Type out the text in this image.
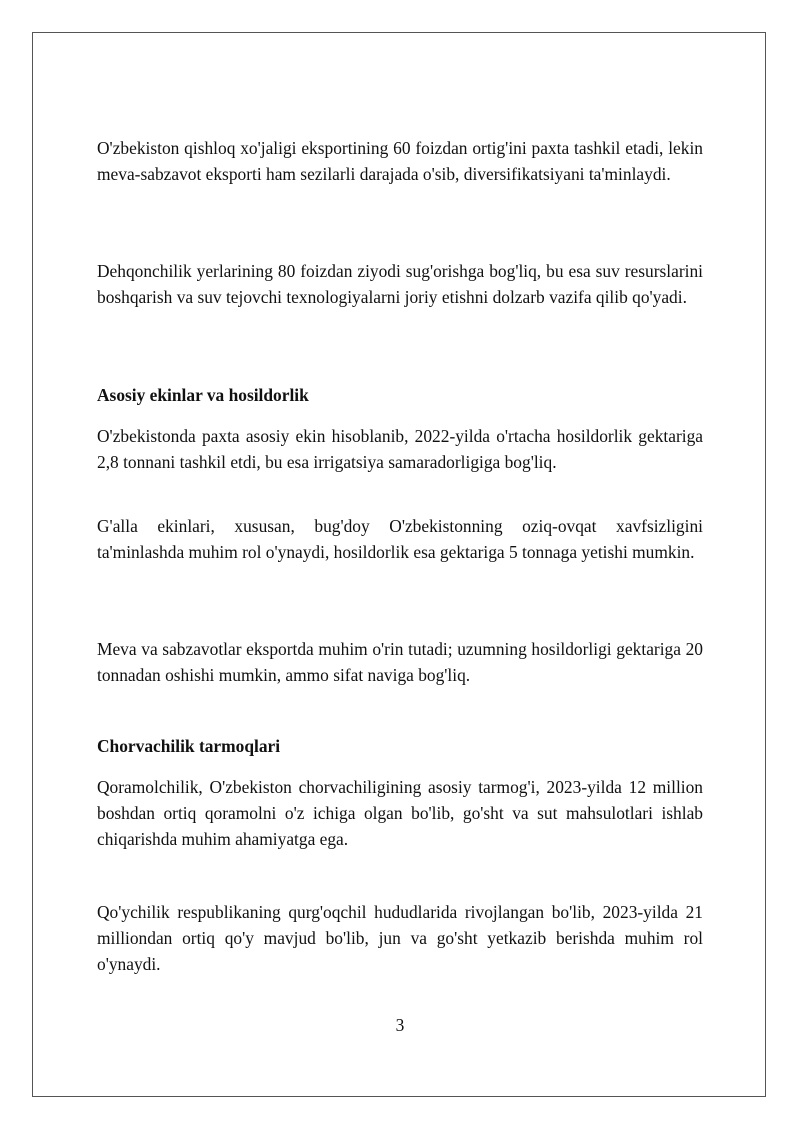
O'zbekiston qishloq xo'jaligi eksportining 60 foizdan ortig'ini paxta tashkil etadi, lekin meva-sabzavot eksporti ham sezilarli darajada o'sib, diversifikatsiyani ta'minlaydi.

Dehqonchilik yerlarining 80 foizdan ziyodi sug'orishga bog'liq, bu esa suv resurslarini boshqarish va suv tejovchi texnologiyalarni joriy etishni dolzarb vazifa qilib qo'yadi.

Asosiy ekinlar va hosildorlik

O'zbekistonda paxta asosiy ekin hisoblanib, 2022-yilda o'rtacha hosildorlik gektariga 2,8 tonnani tashkil etdi, bu esa irrigatsiya samaradorligiga bog'liq.

G'alla ekinlari, xususan, bug'doy O'zbekistonning oziq-ovqat xavfsizligini ta'minlashda muhim rol o'ynaydi, hosildorlik esa gektariga 5 tonnaga yetishi mumkin.

Meva va sabzavotlar eksportda muhim o'rin tutadi; uzumning hosildorligi gektariga 20 tonnadan oshishi mumkin, ammo sifat naviga bog'liq.

Chorvachilik tarmoqlari

Qoramolchilik, O'zbekiston chorvachiligining asosiy tarmog'i, 2023-yilda 12 million boshdan ortiq qoramolni o'z ichiga olgan bo'lib, go'sht va sut mahsulotlari ishlab chiqarishda muhim ahamiyatga ega.

Qo'ychilik respublikaning qurg'oqchil hududlarida rivojlangan bo'lib, 2023-yilda 21 milliondan ortiq qo'y mavjud bo'lib, jun va go'sht yetkazib berishda muhim rol o'ynaydi.

3
